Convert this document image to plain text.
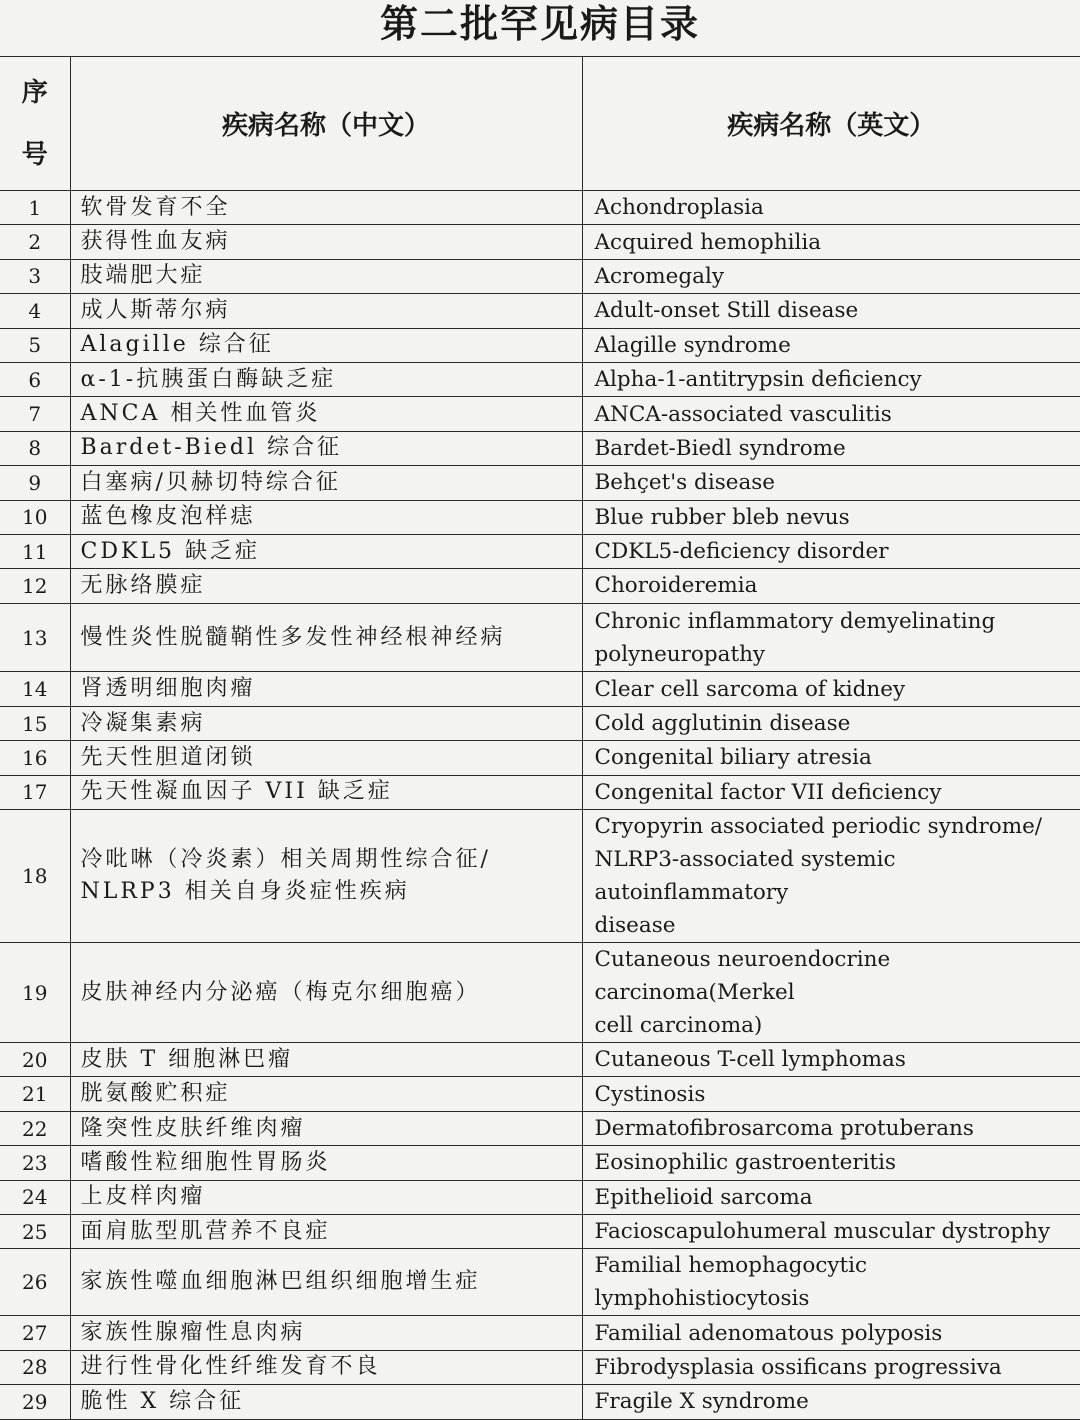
第二批罕见病目录
序
号	疾病名称（中文）	疾病名称（英文）
1	软骨发育不全	Achondroplasia
2	获得性血友病	Acquired hemophilia
3	肢端肥大症	Acromegaly
4	成人斯蒂尔病	Adult-onset Still disease
5	Alagille 综合征	Alagille syndrome
6	α-1-抗胰蛋白酶缺乏症	Alpha-1-antitrypsin deficiency
7	ANCA 相关性血管炎	ANCA-associated vasculitis
8	Bardet-Biedl 综合征	Bardet-Biedl syndrome
9	白塞病/贝赫切特综合征	Behçet's disease
10	蓝色橡皮泡样痣	Blue rubber bleb nevus
11	CDKL5 缺乏症	CDKL5-deficiency disorder
12	无脉络膜症	Choroideremia
13	慢性炎性脱髓鞘性多发性神经根神经病	Chronic inflammatory demyelinating
polyneuropathy
14	肾透明细胞肉瘤	Clear cell sarcoma of kidney
15	冷凝集素病	Cold agglutinin disease
16	先天性胆道闭锁	Congenital biliary atresia
17	先天性凝血因子 VII 缺乏症	Congenital factor VII deficiency
18	冷吡啉（冷炎素）相关周期性综合征/
NLRP3 相关自身炎症性疾病	Cryopyrin associated periodic syndrome/
NLRP3-associated systemic autoinflammatory
disease
19	皮肤神经内分泌癌（梅克尔细胞癌）	Cutaneous neuroendocrine carcinoma(Merkel
cell carcinoma)
20	皮肤 T 细胞淋巴瘤	Cutaneous T-cell lymphomas
21	胱氨酸贮积症	Cystinosis
22	隆突性皮肤纤维肉瘤	Dermatofibrosarcoma protuberans
23	嗜酸性粒细胞性胃肠炎	Eosinophilic gastroenteritis
24	上皮样肉瘤	Epithelioid sarcoma
25	面肩肱型肌营养不良症	Facioscapulohumeral muscular dystrophy
26	家族性噬血细胞淋巴组织细胞增生症	Familial hemophagocytic lymphohistiocytosis
27	家族性腺瘤性息肉病	Familial adenomatous polyposis
28	进行性骨化性纤维发育不良	Fibrodysplasia ossificans progressiva
29	脆性 X 综合征	Fragile X syndrome
